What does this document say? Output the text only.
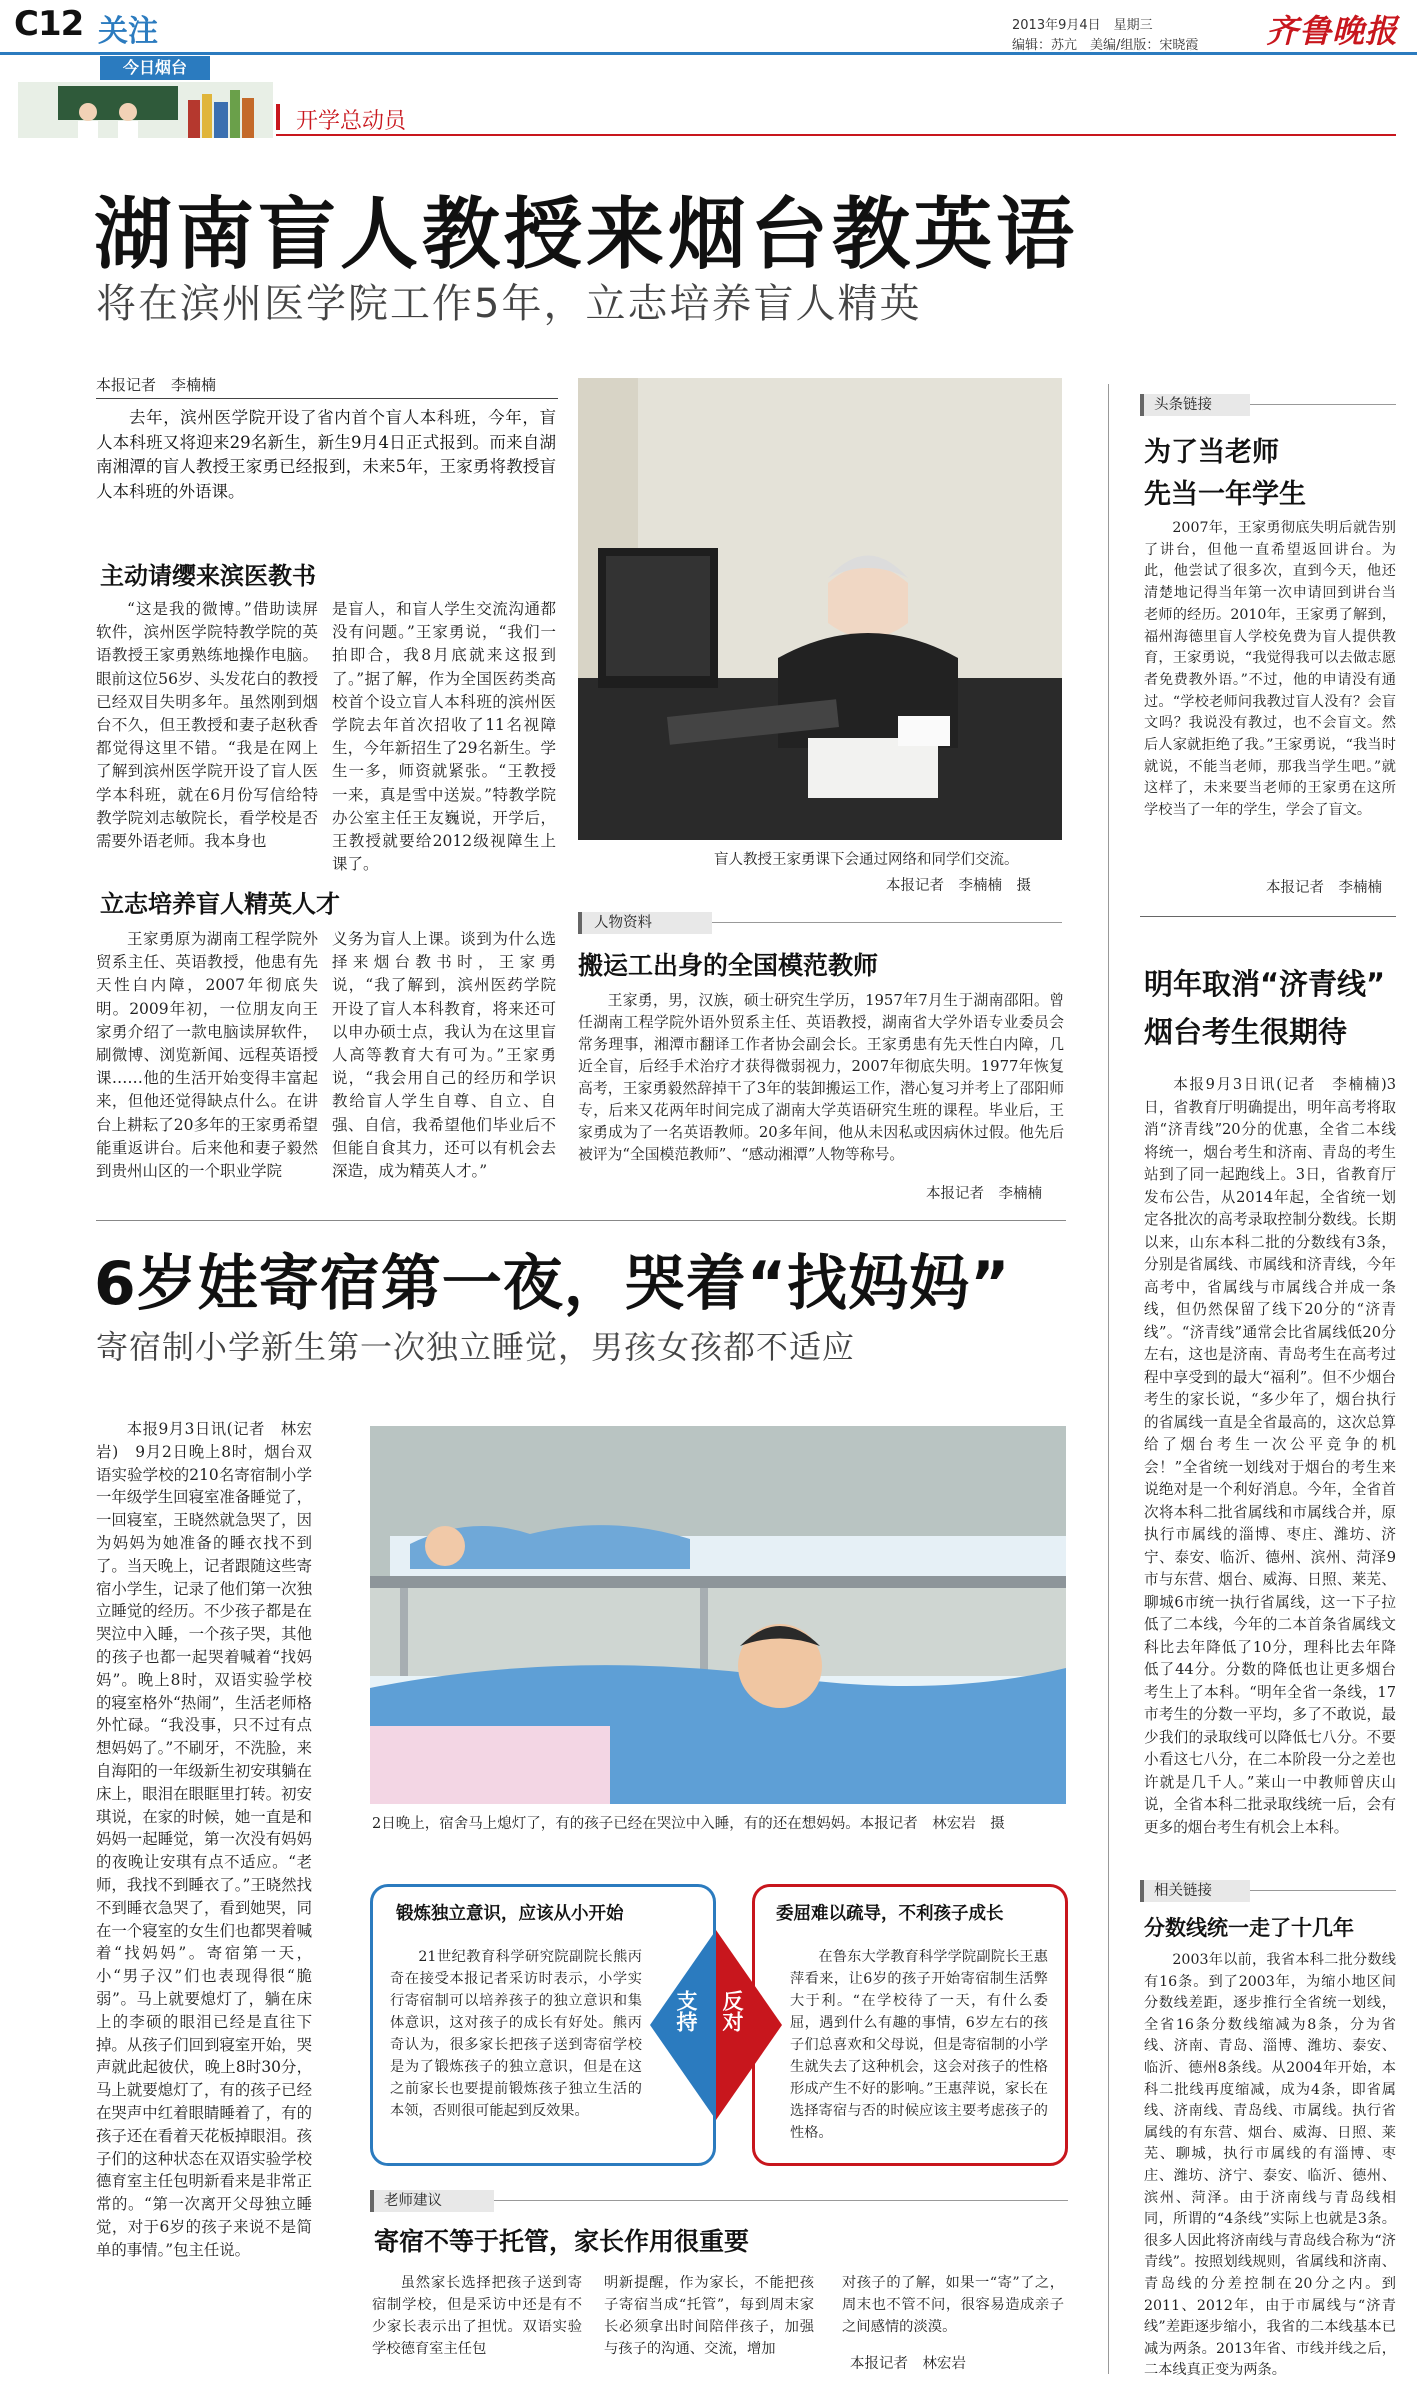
C12 关注
今日烟台
开学总动员
2013年9月4日　星期三
编辑：苏亢　美编/组版：宋晓霞 齐鲁晚报
湖南盲人教授来烟台教英语
将在滨州医学院工作5年，立志培养盲人精英
本报记者　李楠楠
去年，滨州医学院开设了省内首个盲人本科班，今年，盲人本科班又将迎来29名新生，新生9月4日正式报到。而来自湖南湘潭的盲人教授王家勇已经报到，未来5年，王家勇将教授盲人本科班的外语课。
主动请缨来滨医教书
“这是我的微博。”借助读屏软件，滨州医学院特教学院的英语教授王家勇熟练地操作电脑。眼前这位56岁、头发花白的教授已经双目失明多年。虽然刚到烟台不久，但王教授和妻子赵秋香都觉得这里不错。“我是在网上了解到滨州医学院开设了盲人医学本科班，就在6月份写信给特教学院刘志敏院长，看学校是否需要外语老师。我本身也
是盲人，和盲人学生交流沟通都没有问题。”王家勇说，“我们一拍即合，我8月底就来这报到了。”据了解，作为全国医药类高校首个设立盲人本科班的滨州医学院去年首次招收了11名视障生，今年新招生了29名新生。学生一多，师资就紧张。“王教授一来，真是雪中送炭。”特教学院办公室主任王友巍说，开学后，王教授就要给2012级视障生上课了。
立志培养盲人精英人才
王家勇原为湖南工程学院外贸系主任、英语教授，他患有先天性白内障，2007年彻底失明。2009年初，一位朋友向王家勇介绍了一款电脑读屏软件，刷微博、浏览新闻、远程英语授课……他的生活开始变得丰富起来，但他还觉得缺点什么。在讲台上耕耘了20多年的王家勇希望能重返讲台。后来他和妻子毅然到贵州山区的一个职业学院
义务为盲人上课。谈到为什么选择来烟台教书时，王家勇说，“我了解到，滨州医药学院开设了盲人本科教育，将来还可以申办硕士点，我认为在这里盲人高等教育大有可为。”王家勇说，“我会用自己的经历和学识教给盲人学生自尊、自立、自强、自信，我希望他们毕业后不但能自食其力，还可以有机会去深造，成为精英人才。”
盲人教授王家勇课下会通过网络和同学们交流。
本报记者　李楠楠　摄
人物资料
搬运工出身的全国模范教师
王家勇，男，汉族，硕士研究生学历，1957年7月生于湖南邵阳。曾任湖南工程学院外语外贸系主任、英语教授，湖南省大学外语专业委员会常务理事，湘潭市翻译工作者协会副会长。王家勇患有先天性白内障，几近全盲，后经手术治疗才获得微弱视力，2007年彻底失明。1977年恢复高考，王家勇毅然辞掉干了3年的装卸搬运工作，潜心复习并考上了邵阳师专，后来又花两年时间完成了湖南大学英语研究生班的课程。毕业后，王家勇成为了一名英语教师。20多年间，他从未因私或因病休过假。他先后被评为“全国模范教师”、“感动湘潭”人物等称号。
本报记者　李楠楠
头条链接
为了当老师
先当一年学生
2007年，王家勇彻底失明后就告别了讲台，但他一直希望返回讲台。为此，他尝试了很多次，直到今天，他还清楚地记得当年第一次申请回到讲台当老师的经历。2010年，王家勇了解到，福州海德里盲人学校免费为盲人提供教育，王家勇说，“我觉得我可以去做志愿者免费教外语。”不过，他的申请没有通过。“学校老师问我教过盲人没有？会盲文吗？我说没有教过，也不会盲文。然后人家就拒绝了我。”王家勇说，“我当时就说，不能当老师，那我当学生吧。”就这样了，未来要当老师的王家勇在这所学校当了一年的学生，学会了盲文。
本报记者　李楠楠
明年取消“济青线”
烟台考生很期待
本报9月3日讯(记者　李楠楠)3日，省教育厅明确提出，明年高考将取消“济青线”20分的优惠，全省二本线将统一，烟台考生和济南、青岛的考生站到了同一起跑线上。3日，省教育厅发布公告，从2014年起，全省统一划定各批次的高考录取控制分数线。长期以来，山东本科二批的分数线有3条，分别是省属线、市属线和济青线，今年高考中，省属线与市属线合并成一条线，但仍然保留了线下20分的“济青线”。“济青线”通常会比省属线低20分左右，这也是济南、青岛考生在高考过程中享受到的最大“福利”。但不少烟台考生的家长说，“多少年了，烟台执行的省属线一直是全省最高的，这次总算给了烟台考生一次公平竞争的机会！”全省统一划线对于烟台的考生来说绝对是一个利好消息。今年，全省首次将本科二批省属线和市属线合并，原执行市属线的淄博、枣庄、潍坊、济宁、泰安、临沂、德州、滨州、菏泽9市与东营、烟台、威海、日照、莱芜、聊城6市统一执行省属线，这一下子拉低了二本线，今年的二本首条省属线文科比去年降低了10分，理科比去年降低了44分。分数的降低也让更多烟台考生上了本科。“明年全省一条线，17市考生的分数一平均，多了不敢说，最少我们的录取线可以降低七八分。不要小看这七八分，在二本阶段一分之差也许就是几千人。”莱山一中教师曾庆山说，全省本科二批录取线统一后，会有更多的烟台考生有机会上本科。
相关链接
分数线统一走了十几年
2003年以前，我省本科二批分数线有16条。到了2003年，为缩小地区间分数线差距，逐步推行全省统一划线，全省16条分数线缩减为8条，分为省线、济南、青岛、淄博、潍坊、泰安、临沂、德州8条线。从2004年开始，本科二批线再度缩减，成为4条，即省属线、济南线、青岛线、市属线。执行省属线的有东营、烟台、威海、日照、莱芜、聊城，执行市属线的有淄博、枣庄、潍坊、济宁、泰安、临沂、德州、滨州、菏泽。由于济南线与青岛线相同，所谓的“4条线”实际上也就是3条。很多人因此将济南线与青岛线合称为“济青线”。按照划线规则，省属线和济南、青岛线的分差控制在20分之内。到2011、2012年，由于市属线与“济青线”差距逐步缩小，我省的二本线基本已减为两条。2013年省、市线并线之后，二本线真正变为两条。
6岁娃寄宿第一夜，哭着“找妈妈”
寄宿制小学新生第一次独立睡觉，男孩女孩都不适应
本报9月3日讯(记者　林宏岩)　9月2日晚上8时，烟台双语实验学校的210名寄宿制小学一年级学生回寝室准备睡觉了，一回寝室，王晓然就急哭了，因为妈妈为她准备的睡衣找不到了。当天晚上，记者跟随这些寄宿小学生，记录了他们第一次独立睡觉的经历。不少孩子都是在哭泣中入睡，一个孩子哭，其他的孩子也都一起哭着喊着“找妈妈”。晚上8时，双语实验学校的寝室格外“热闹”，生活老师格外忙碌。“我没事，只不过有点想妈妈了。”不刷牙，不洗脸，来自海阳的一年级新生初安琪躺在床上，眼泪在眼眶里打转。初安琪说，在家的时候，她一直是和妈妈一起睡觉，第一次没有妈妈的夜晚让安琪有点不适应。“老师，我找不到睡衣了。”王晓然找不到睡衣急哭了，看到她哭，同在一个寝室的女生们也都哭着喊着“找妈妈”。寄宿第一天，小“男子汉”们也表现得很“脆弱”。马上就要熄灯了，躺在床上的李硕的眼泪已经是直往下掉。从孩子们回到寝室开始，哭声就此起彼伏，晚上8时30分，马上就要熄灯了，有的孩子已经在哭声中红着眼睛睡着了，有的孩子还在看着天花板掉眼泪。孩子们的这种状态在双语实验学校德育室主任包明新看来是非常正常的。“第一次离开父母独立睡觉，对于6岁的孩子来说不是简单的事情。”包主任说。
2日晚上，宿舍马上熄灯了，有的孩子已经在哭泣中入睡，有的还在想妈妈。本报记者　林宏岩　摄
锻炼独立意识，应该从小开始
21世纪教育科学研究院副院长熊丙奇在接受本报记者采访时表示，小学实行寄宿制可以培养孩子的独立意识和集体意识，这对孩子的成长有好处。熊丙奇认为，很多家长把孩子送到寄宿学校是为了锻炼孩子的独立意识，但是在这之前家长也要提前锻炼孩子独立生活的本领，否则很可能起到反效果。
支持
委屈难以疏导，不利孩子成长
反对
在鲁东大学教育科学学院副院长王惠萍看来，让6岁的孩子开始寄宿制生活弊大于利。“在学校待了一天，有什么委屈，遇到什么有趣的事情，6岁左右的孩子们总喜欢和父母说，但是寄宿制的小学生就失去了这种机会，这会对孩子的性格形成产生不好的影响。”王惠萍说，家长在选择寄宿与否的时候应该主要考虑孩子的性格。
老师建议
寄宿不等于托管，家长作用很重要
虽然家长选择把孩子送到寄宿制学校，但是采访中还是有不少家长表示出了担忧。双语实验学校德育室主任包
明新提醒，作为家长，不能把孩子寄宿当成“托管”，每到周末家长必须拿出时间陪伴孩子，加强与孩子的沟通、交流，增加
对孩子的了解，如果一“寄”了之，周末也不管不问，很容易造成亲子之间感情的淡漠。
本报记者　林宏岩
